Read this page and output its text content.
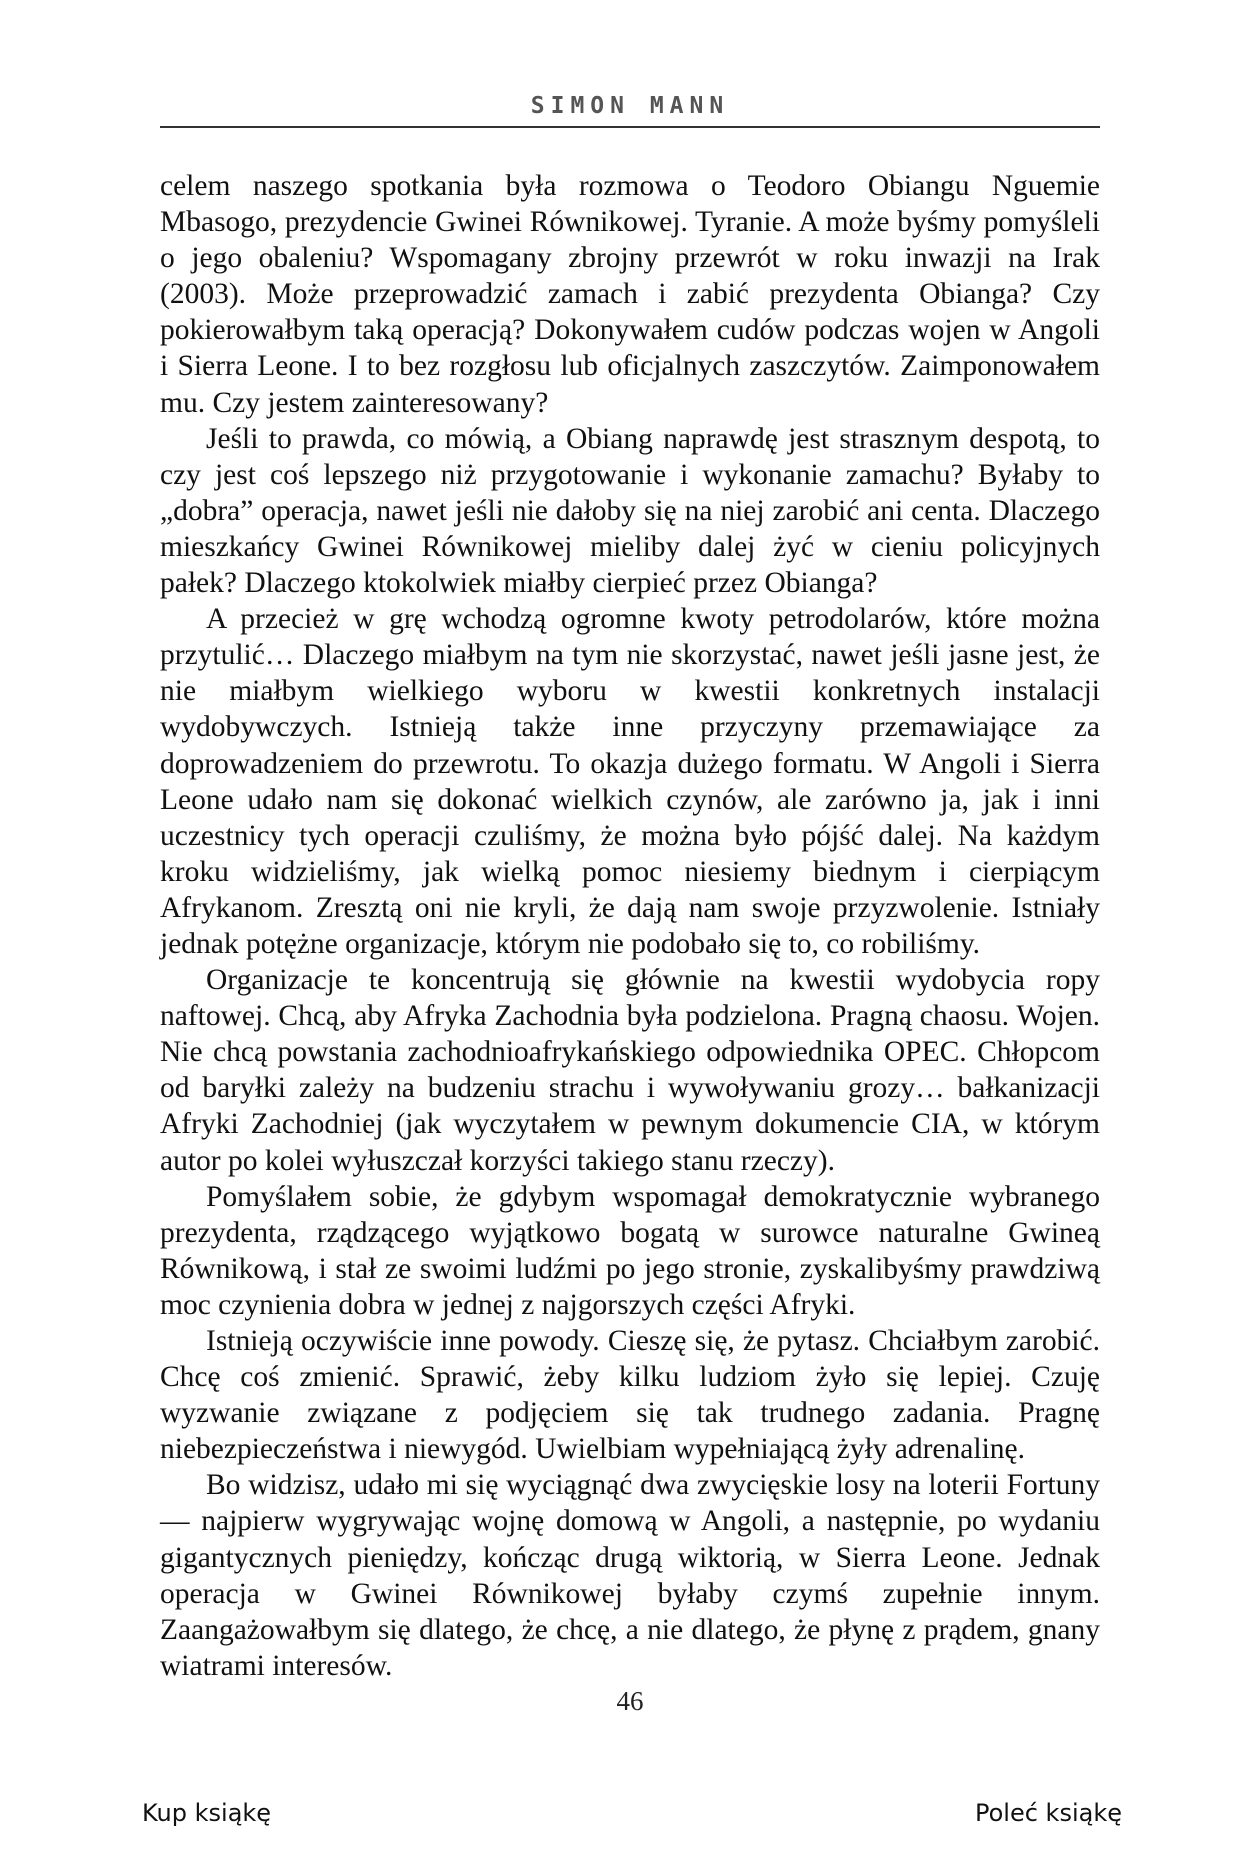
SIMON MANN

celem naszego spotkania była rozmowa o Teodoro Obiangu Nguemie Mbasogo, prezydencie Gwinei Równikowej. Tyranie. A może byśmy pomyśleli o jego obaleniu? Wspomagany zbrojny przewrót w roku inwazji na Irak (2003). Może przeprowadzić zamach i zabić prezydenta Obianga? Czy pokierowałbym taką operacją? Dokonywałem cudów podczas wojen w Angoli i Sierra Leone. I to bez rozgłosu lub oficjalnych zaszczytów. Zaimponowałem mu. Czy jestem zainteresowany?

Jeśli to prawda, co mówią, a Obiang naprawdę jest strasznym despotą, to czy jest coś lepszego niż przygotowanie i wykonanie zamachu? Byłaby to „dobra” operacja, nawet jeśli nie dałoby się na niej zarobić ani centa. Dlaczego mieszkańcy Gwinei Równikowej mieliby dalej żyć w cieniu policyjnych pałek? Dlaczego ktokolwiek miałby cierpieć przez Obianga?

A przecież w grę wchodzą ogromne kwoty petrodolarów, które można przytulić… Dlaczego miałbym na tym nie skorzystać, nawet jeśli jasne jest, że nie miałbym wielkiego wyboru w kwestii konkretnych instalacji wydobywczych. Istnieją także inne przyczyny przemawiające za doprowadzeniem do przewrotu. To okazja dużego formatu. W Angoli i Sierra Leone udało nam się dokonać wielkich czynów, ale zarówno ja, jak i inni uczestnicy tych operacji czuliśmy, że można było pójść dalej. Na każdym kroku widzieliśmy, jak wielką pomoc niesiemy biednym i cierpiącym Afrykanom. Zresztą oni nie kryli, że dają nam swoje przyzwolenie. Istniały jednak potężne organizacje, którym nie podobało się to, co robiliśmy.

Organizacje te koncentrują się głównie na kwestii wydobycia ropy naftowej. Chcą, aby Afryka Zachodnia była podzielona. Pragną chaosu. Wojen. Nie chcą powstania zachodnioafrykańskiego odpowiednika OPEC. Chłopcom od baryłki zależy na budzeniu strachu i wywoływaniu grozy… bałkanizacji Afryki Zachodniej (jak wyczytałem w pewnym dokumencie CIA, w którym autor po kolei wyłuszczał korzyści takiego stanu rzeczy).

Pomyślałem sobie, że gdybym wspomagał demokratycznie wybranego prezydenta, rządzącego wyjątkowo bogatą w surowce naturalne Gwineą Równikową, i stał ze swoimi ludźmi po jego stronie, zyskalibyśmy prawdziwą moc czynienia dobra w jednej z najgorszych części Afryki.

Istnieją oczywiście inne powody. Cieszę się, że pytasz. Chciałbym zarobić. Chcę coś zmienić. Sprawić, żeby kilku ludziom żyło się lepiej. Czuję wyzwanie związane z podjęciem się tak trudnego zadania. Pragnę niebezpieczeństwa i niewygód. Uwielbiam wypełniającą żyły adrenalinę.

Bo widzisz, udało mi się wyciągnąć dwa zwycięskie losy na loterii Fortuny — najpierw wygrywając wojnę domową w Angoli, a następnie, po wydaniu gigantycznych pieniędzy, kończąc drugą wiktorią, w Sierra Leone. Jednak operacja w Gwinei Równikowej byłaby czymś zupełnie innym. Zaangażowałbym się dlatego, że chcę, a nie dlatego, że płynę z prądem, gnany wiatrami interesów.

46
Kup ksiąkę	Poleć ksiąkę
